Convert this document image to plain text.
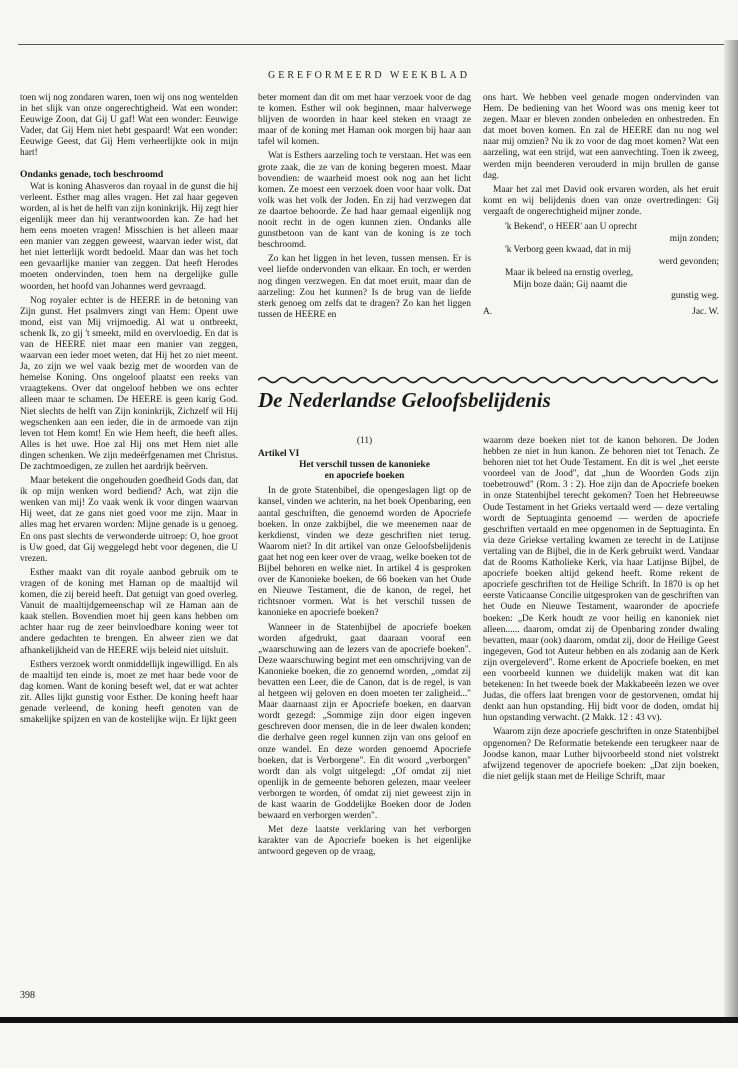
GEREFORMEERD WEEKBLAD

toen wij nog zondaren waren, toen wij ons nog wentelden in het slijk van onze ongerechtigheid. Wat een wonder: Eeuwige Zoon, dat Gij U gaf! Wat een wonder: Eeuwige Vader, dat Gij Hem niet hebt gespaard! Wat een wonder: Eeuwige Geest, dat Gij Hem verheerlijkte ook in mijn hart!

Ondanks genade, toch beschroomd

Wat is koning Ahasveros dan royaal in de gunst die hij verleent. Esther mag alles vragen. Het zal haar gegeven worden, al is het de helft van zijn koninkrijk. Hij zegt hier eigenlijk meer dan hij verantwoorden kan. Ze had het hem eens moeten vragen! Misschien is het alleen maar een manier van zeggen geweest, waarvan ieder wist, dat het niet letterlijk wordt bedoeld. Maar dan was het toch een gevaarlijke manier van zeggen. Dat heeft Herodes moeten ondervinden, toen hem na dergelijke gulle woorden, het hoofd van Johannes werd gevraagd.

Nog royaler echter is de HEERE in de betoning van Zijn gunst. Het psalmvers zingt van Hem: Opent uwe mond, eist van Mij vrijmoedig. Al wat u ontbreekt, schenk Ik, zo gij 't smeekt, mild en overvloedig. En dat is van de HEERE niet maar een manier van zeggen, waarvan een ieder moet weten, dat Hij het zo niet meent. Ja, zo zijn we wel vaak bezig met de woorden van de hemelse Koning. Ons ongeloof plaatst een reeks van vraagtekens. Over dat ongeloof hebben we ons echter alleen maar te schamen. De HEERE is geen karig God. Niet slechts de helft van Zijn koninkrijk, Zichzelf wil Hij wegschenken aan een ieder, die in de armoede van zijn leven tot Hem komt! En wie Hem heeft, die heeft alles. Alles is het uwe. Hoe zal Hij ons met Hem niet alle dingen schenken. We zijn medeërfgenamen met Christus. De zachtmoedigen, ze zullen het aardrijk beërven.

Maar betekent die ongehouden goedheid Gods dan, dat ik op mijn wenken word bediend? Ach, wat zijn die wenken van mij! Zo vaak wenk ik voor dingen waarvan Hij weet, dat ze gans niet goed voor me zijn. Maar in alles mag het ervaren worden: Mijne genade is u genoeg. En ons past slechts de verwonderde uitroep: O, hoe groot is Uw goed, dat Gij weggelegd hebt voor degenen, die U vrezen.

Esther maakt van dit royale aanbod gebruik om te vragen of de koning met Haman op de maaltijd wil komen, die zij bereid heeft. Dat getuigt van goed overleg. Vanuit de maaltijdgemeenschap wil ze Haman aan de kaak stellen. Bovendien moet hij geen kans hebben om achter haar rug de zeer beinvloedbare koning weer tot andere gedachten te brengen. En alweer zien we dat afhankelijkheid van de HEERE wijs beleid niet uitsluit.

Esthers verzoek wordt onmiddellijk ingewilligd. En als de maaltijd ten einde is, moet ze met haar bede voor de dag komen. Want de koning beseft wel, dat er wat achter zit. Alles lijkt gunstig voor Esther. De koning heeft haar genade verleend, de koning heeft genoten van de smakelijke spijzen en van de kostelijke wijn. Er lijkt geen

beter moment dan dit om met haar verzoek voor de dag te komen. Esther wil ook beginnen, maar halverwege blijven de woorden in haar keel steken en vraagt ze maar of de koning met Haman ook morgen bij haar aan tafel wil komen.

Wat is Esthers aarzeling toch te verstaan. Het was een grote zaak, die ze van de koning begeren moest. Maar bovendien: de waarheid moest ook nog aan het licht komen. Ze moest een verzoek doen voor haar volk. Dat volk was het volk der Joden. En zij had verzwegen dat ze daartoe behoorde. Ze had haar gemaal eigenlijk nog nooit recht in de ogen kunnen zien. Ondanks alle gunstbetoon van de kant van de koning is ze toch beschroomd.

Zo kan het liggen in het leven, tussen mensen. Er is veel liefde ondervonden van elkaar. En toch, er werden nog dingen verzwegen. En dat moet eruit, maar dan de aarzeling: Zou het kunnen? Is de brug van de liefde sterk genoeg om zelfs dat te dragen? Zo kan het liggen tussen de HEERE en

ons hart. We hebben veel genade mogen ondervinden van Hem. De bediening van het Woord was ons menig keer tot zegen. Maar er bleven zonden onbeleden en onbestreden. En dat moet boven komen. En zal de HEERE dan nu nog wel naar mij omzien? Nu ik zo voor de dag moet komen? Wat een aarzeling, wat een strijd, wat een aanvechting. Toen ik zweeg, werden mijn beenderen verouderd in mijn brullen de ganse dag.

Maar het zal met David ook ervaren worden, als het eruit komt en wij belijdenis doen van onze overtredingen: Gij vergaaft de ongerechtigheid mijner zonde.

'k Bekend', o HEER' aan U oprecht
mijn zonden;
'k Verborg geen kwaad, dat in mij
werd gevonden;
Maar ik beleed na ernstig overleg,
Mijn boze daän; Gij naamt die
gunstig weg.
A.	Jac. W.
De Nederlandse Geloofsbelijdenis
(11)
Artikel VI
Het verschil tussen de kanonieke
en apocriefe boeken

In de grote Statenbibel, die opengeslagen ligt op de kansel, vinden we achterin, na het boek Openbaring, een aantal geschriften, die genoemd worden de Apocriefe boeken. In onze zakbijbel, die we meenemen naar de kerkdienst, vinden we deze geschriften niet terug. Waarom niet? In dit artikel van onze Geloofsbelijdenis gaat het nog een keer over de vraag, welke boeken tot de Bijbel behoren en welke niet. In artikel 4 is gesproken over de Kanonieke boeken, de 66 boeken van het Oude en Nieuwe Testament, die de kanon, de regel, het richtsnoer vormen. Wat is het verschil tussen de kanonieke en apocriefe boeken?

Wanneer in de Statenbijbel de apocriefe boeken worden afgedrukt, gaat daaraan vooraf een „waarschuwing aan de lezers van de apocriefe boeken". Deze waarschuwing begint met een omschrijving van de Kanonieke boeken, die zo genoemd worden, „omdat zij bevatten een Leer, die de Canon, dat is de regel, is van al hetgeen wij geloven en doen moeten ter zaligheid..." Maar daarnaast zijn er Apocriefe boeken, en daarvan wordt gezegd: „Sommige zijn door eigen ingeven geschreven door mensen, die in de leer dwalen konden; die derhalve geen regel kunnen zijn van ons geloof en onze wandel. En deze worden genoemd Apocriefe boeken, dat is Verborgene". En dit woord „verborgen" wordt dan als volgt uitgelegd: „Of omdat zij niet openlijk in de gemeente behoren gelezen, maar veeleer verborgen te worden, óf omdat zij niet geweest zijn in de kast waarin de Goddelijke Boeken door de Joden bewaard en verborgen werden".

Met deze laatste verklaring van het verborgen karakter van de Apocriefe boeken is het eigenlijke antwoord gegeven op de vraag,

waarom deze boeken niet tot de kanon behoren. De Joden hebben ze niet in hun kanon. Ze behoren niet tot Tenach. Ze behoren niet tot het Oude Testament. En dit is wel „het eerste voordeel van de Jood", dat „hun de Woorden Gods zijn toebetrouwd" (Rom. 3 : 2). Hoe zijn dan de Apocriefe boeken in onze Statenbijbel terecht gekomen? Toen het Hebreeuwse Oude Testament in het Grieks vertaald werd — deze vertaling wordt de Septuaginta genoemd — werden de apocriefe geschriften vertaald en mee opgenomen in de Septuaginta. En via deze Griekse vertaling kwamen ze terecht in de Latijnse vertaling van de Bijbel, die in de Kerk gebruikt werd. Vandaar dat de Rooms Katholieke Kerk, via haar Latijnse Bijbel, de apocriefe boeken altijd gekend heeft. Rome rekent de apocriefe geschriften tot de Heilige Schrift. In 1870 is op het eerste Vaticaanse Concilie uitgesproken van de geschriften van het Oude en Nieuwe Testament, waaronder de apocriefe boeken: „De Kerk houdt ze voor heilig en kanoniek niet alleen...... daarom, omdat zij de Openbaring zonder dwaling bevatten, maar (ook) daarom, omdat zij, door de Heilige Geest ingegeven, God tot Auteur hebben en als zodanig aan de Kerk zijn overgeleverd". Rome erkent de Apocriefe boeken, en met een voorbeeld kunnen we duidelijk maken wat dit kan betekenen: In het tweede boek der Makkabeeën lezen we over Judas, die offers laat brengen voor de gestorvenen, omdat hij denkt aan hun opstanding. Hij bidt voor de doden, omdat hij hun opstanding verwacht. (2 Makk. 12 : 43 vv).

Waarom zijn deze apocriefe geschriften in onze Statenbijbel opgenomen? De Reformatie betekende een terugkeer naar de Joodse kanon, maar Luther bijvoorbeeld stond niet volstrekt afwijzend tegenover de apocriefe boeken: „Dat zijn boeken, die niet gelijk staan met de Heilige Schrift, maar

398
